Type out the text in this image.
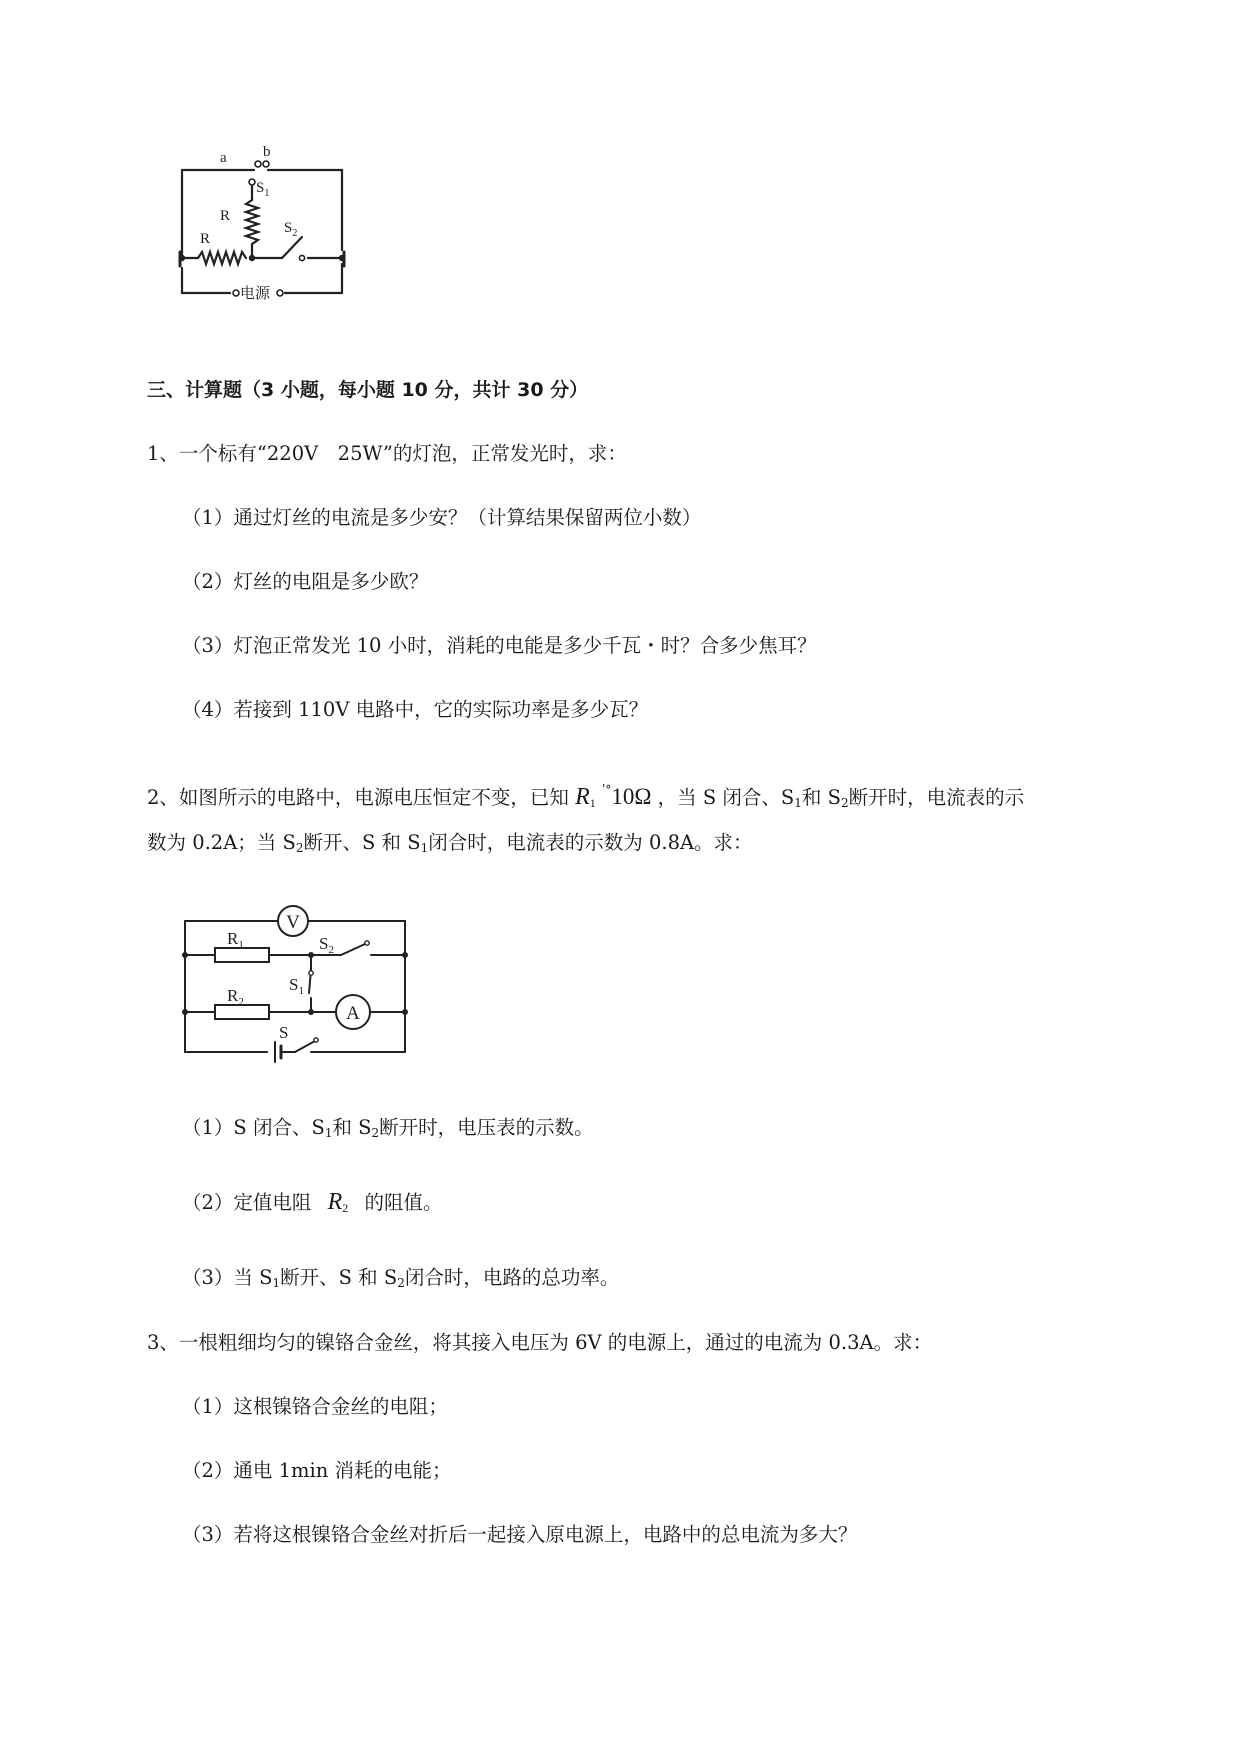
a b
$S_1$
$S_2$
R
R
电源
三、计算题（3 小题，每小题 10 分，共计 30 分）
1、一个标有“220V　25W”的灯泡，正常发光时，求：
（1）通过灯丝的电流是多少安？（计算结果保留两位小数）
（2）灯丝的电阻是多少欧？
（3）灯泡正常发光 10 小时，消耗的电能是多少千瓦・时？合多少焦耳？
（4）若接到 110V 电路中，它的实际功率是多少瓦？
2、如图所示的电路中，电源电压恒定不变，已知 $R_1$ $^{ʹ^\circ}$10Ω ，当 S 闭合、$S_1$和 $S_2$断开时，电流表的示
数为 0.2A；当 $S_2$断开、S 和 $S_1$闭合时，电流表的示数为 0.8A。求：
V
A
$R_1$
$R_2$
$S_2$
$S_1$
S
（1）S 闭合、$S_1$和 $S_2$断开时，电压表的示数。
（2）定值电阻 $R_2$ 的阻值。
（3）当 $S_1$断开、S 和 $S_2$闭合时，电路的总功率。
3、一根粗细均匀的镍铬合金丝，将其接入电压为 6V 的电源上，通过的电流为 0.3A。求：
（1）这根镍铬合金丝的电阻；
（2）通电 1min 消耗的电能；
（3）若将这根镍铬合金丝对折后一起接入原电源上，电路中的总电流为多大？
